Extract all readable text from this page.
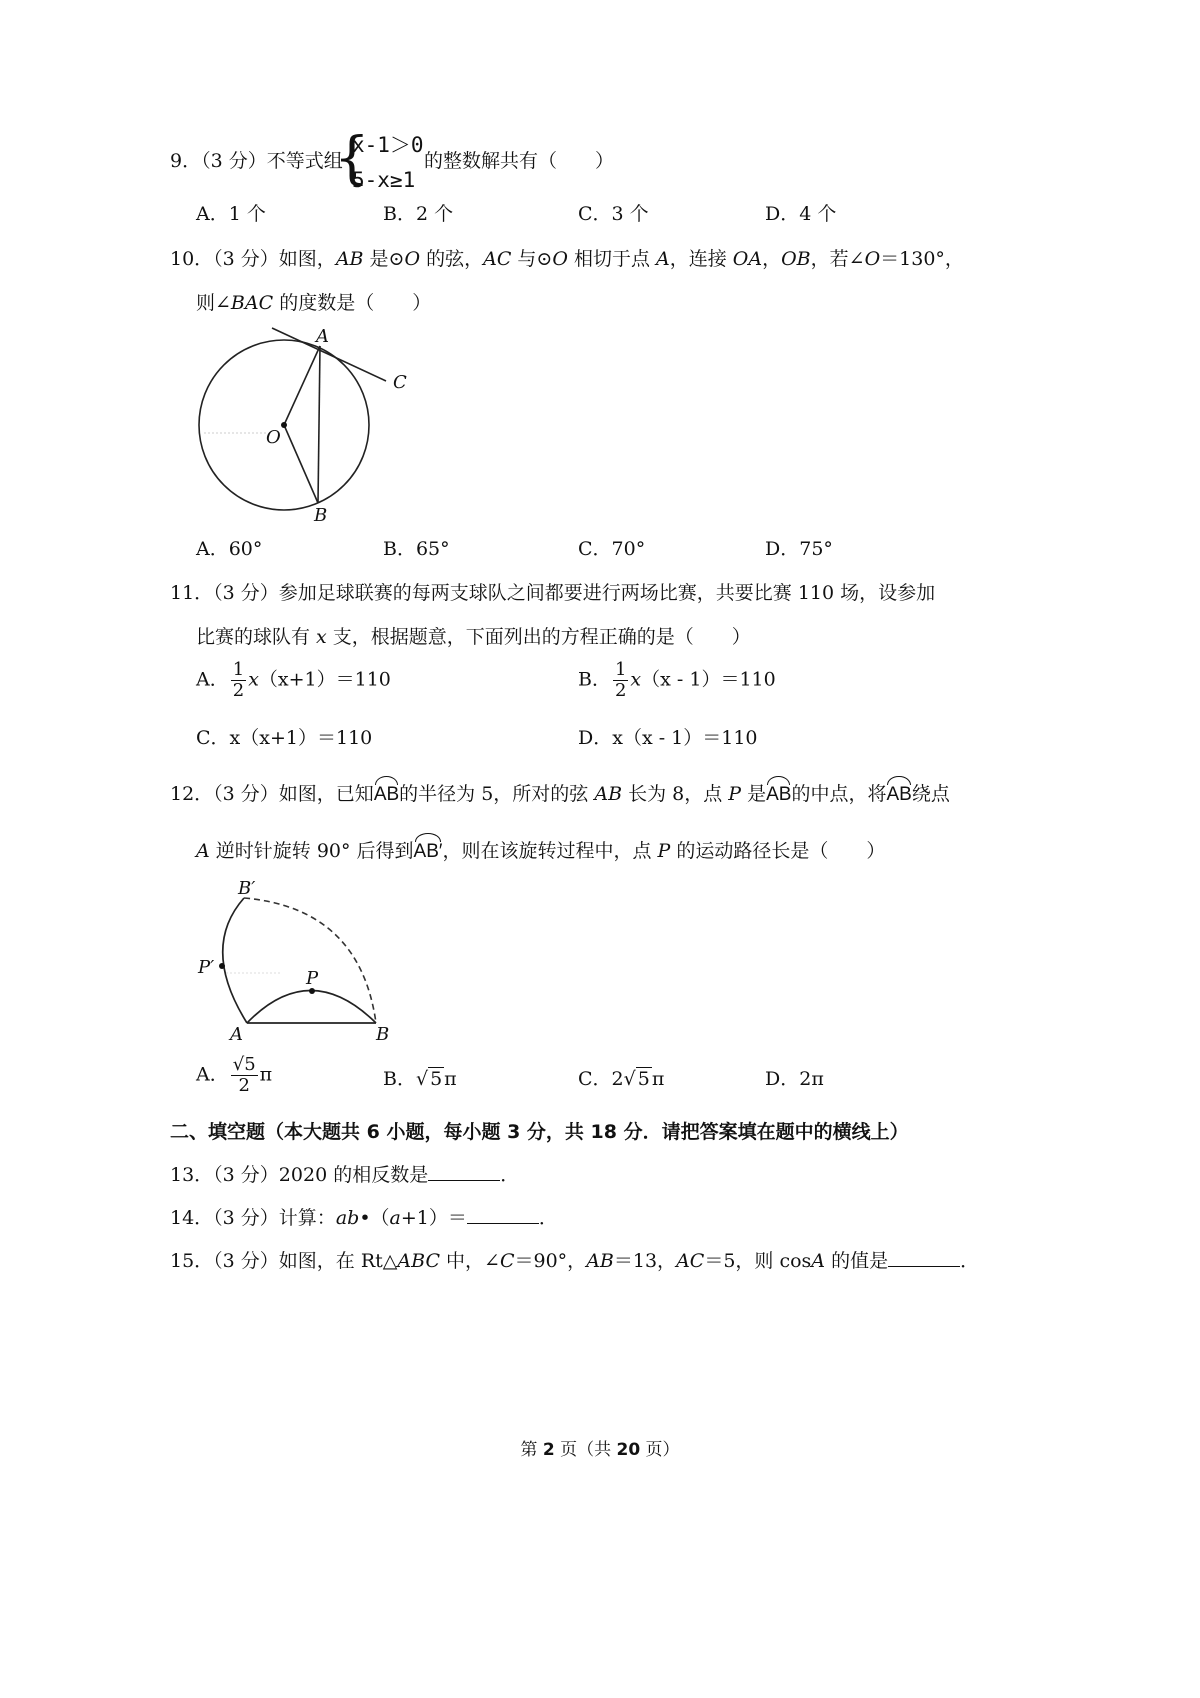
9．（3 分）不等式组
{
x-1＞0
5-x≥1
的整数解共有（　　）
A．1 个	B．2 个	C．3 个	D．4 个
10．（3 分）如图，AB 是⊙O 的弦，AC 与⊙O 相切于点 A，连接 OA，OB，若∠O＝130°，
则∠BAC 的度数是（　　）
A
C
O
B
A．60°	B．65°	C．70°	D．75°
11．（3 分）参加足球联赛的每两支球队之间都要进行两场比赛，共要比赛 110 场，设参加
比赛的球队有 x 支，根据题意，下面列出的方程正确的是（　　）
A． $\frac{1}{2} x(x+1)=110$	B． $\frac{1}{2} x(x - 1)=110$
C．x（x+1）＝110	D．x（x - 1）＝110
12．（3 分）如图，已知AB的半径为 5，所对的弦 AB 长为 8，点 P 是AB的中点，将AB绕点
A 逆时针旋转 90° 后得到AB′，则在该旋转过程中，点 P 的运动路径长是（　　）
B′
P′
P
A	B
A． $\frac{√5}{2}$ π	B．√ 5 π	C．2√ 5 π	D．2π
二、填空题（本大题共 6 小题，每小题 3 分，共 18 分．请把答案填在题中的横线上）
13．（3 分）2020 的相反数是	．
14．（3 分）计算：ab•（a+1）＝	．
15．（3 分）如图，在 Rt△ABC 中，∠C＝90°，AB＝13，AC＝5，则 cosA 的值是	．
第 2 页（共 20 页）
